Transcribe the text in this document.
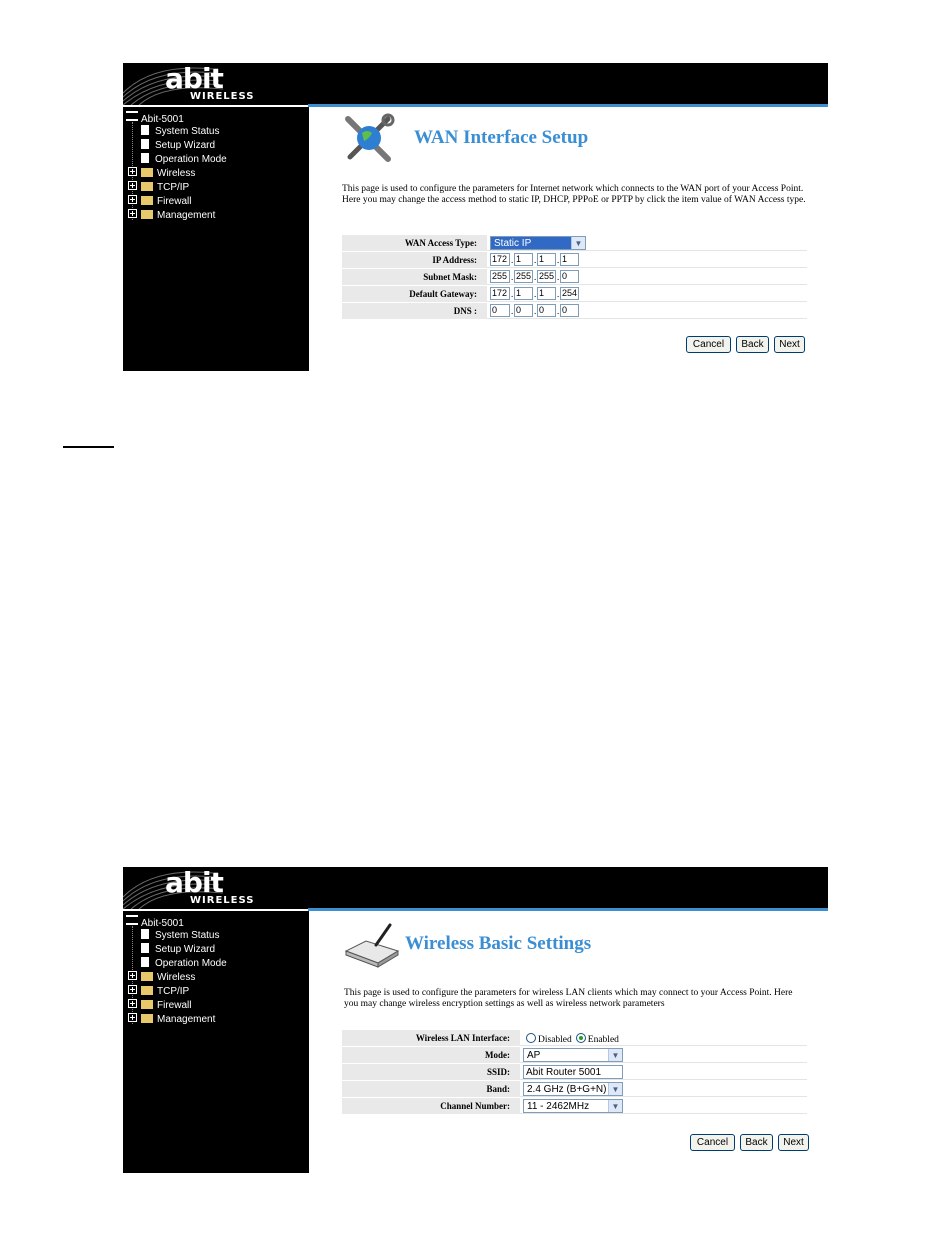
abit
WIRELESS
Abit-5001
System Status
Setup Wizard
Operation Mode
Wireless
TCP/IP
Firewall
Management
WAN Interface Setup
This page is used to configure the parameters for Internet network which connects to the WAN port of your Access Point. Here you may change the access method to static IP, DHCP, PPPoE or PPTP by click the item value of WAN Access type.
WAN Access Type:	Static IP	▼
IP Address:	172 . 1	. 1	. 1
Subnet Mask:	255 . 255 . 255 . 0
Default Gateway:	172 . 1	. 1	. 254
DNS :	0	. 0	. 0	. 0
Cancel	Back	Next
abit
WIRELESS
Abit-5001
System Status
Setup Wizard
Operation Mode
Wireless
TCP/IP
Firewall
Management
Wireless Basic Settings
This page is used to configure the parameters for wireless LAN clients which may connect to your Access Point. Here you may change wireless encryption settings as well as wireless network parameters
Wireless LAN Interface:	Disabled Enabled
Mode:	AP	▼
SSID:	Abit Router 5001
Band:	2.4 GHz (B+G+N) ▼
Channel Number:	11 - 2462MHz	▼
Cancel	Back	Next
